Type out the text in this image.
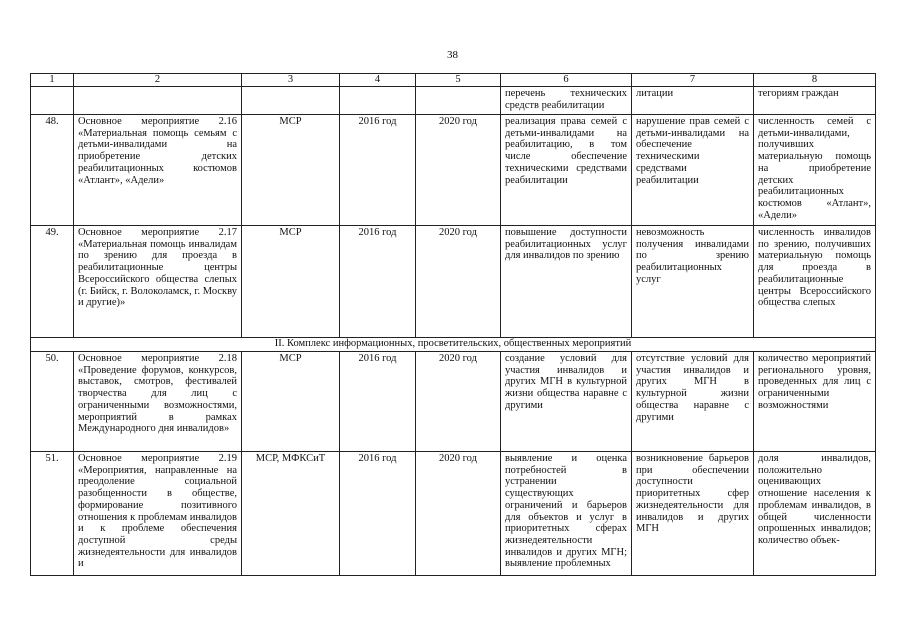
38
1	2	3	4	5	6	7	8
					перечень технических средств реабилитации	литации	тегориям граждан
48.	Основное мероприятие 2.16 «Материальная помощь семьям с детьми-инвалидами на приобретение детских реабилитационных костюмов «Атлант», «Адели»	МСР	2016 год	2020 год	реализация права семей с детьми-инвалидами на реабилитацию, в том числе обеспечение техническими средствами реабилитации	нарушение прав семей с детьми-инвалидами на обеспечение техническими средствами реабилитации	численность семей с детьми-инвалидами, получивших материальную помощь на приобретение детских реабилитационных костюмов «Атлант», «Адели»
49.	Основное мероприятие 2.17 «Материальная помощь инвалидам по зрению для проезда в реабилитационные центры Всероссийского общества слепых (г. Бийск, г. Волоколамск, г. Москву и другие)»	МСР	2016 год	2020 год	повышение доступности реабилитационных услуг для инвалидов по зрению	невозможность получения инвалидами по зрению реабилитационных услуг	численность инвалидов по зрению, получивших материальную помощь для проезда в реабилитационные центры Всероссийского общества слепых
II. Комплекс информационных, просветительских, общественных мероприятий							
50.	Основное мероприятие 2.18 «Проведение форумов, конкурсов, выставок, смотров, фестивалей творчества для лиц с ограниченными возможностями, мероприятий в рамках Международного дня инвалидов»	МСР	2016 год	2020 год	создание условий для участия инвалидов и других МГН в культурной жизни общества наравне с другими	отсутствие условий для участия инвалидов и других МГН в культурной жизни общества наравне с другими	количество мероприятий регионального уровня, проведенных для лиц с ограниченными возможностями
51.	Основное мероприятие 2.19 «Мероприятия, направленные на преодоление социальной разобщенности в обществе, формирование позитивного отношения к проблемам инвалидов и к проблеме обеспечения доступной среды жизнедеятельности для инвалидов и	МСР, МФКСиТ	2016 год	2020 год	выявление и оценка потребностей в устранении существующих ограничений и барьеров для объектов и услуг в приоритетных сферах жизнедеятельности инвалидов и других МГН; выявление проблемных	возникновение барьеров при обеспечении доступности приоритетных сфер жизнедеятельности для инвалидов и других МГН	доля инвалидов, положительно оценивающих отношение населения к проблемам инвалидов, в общей численности опрошенных инвалидов; количество объек-
